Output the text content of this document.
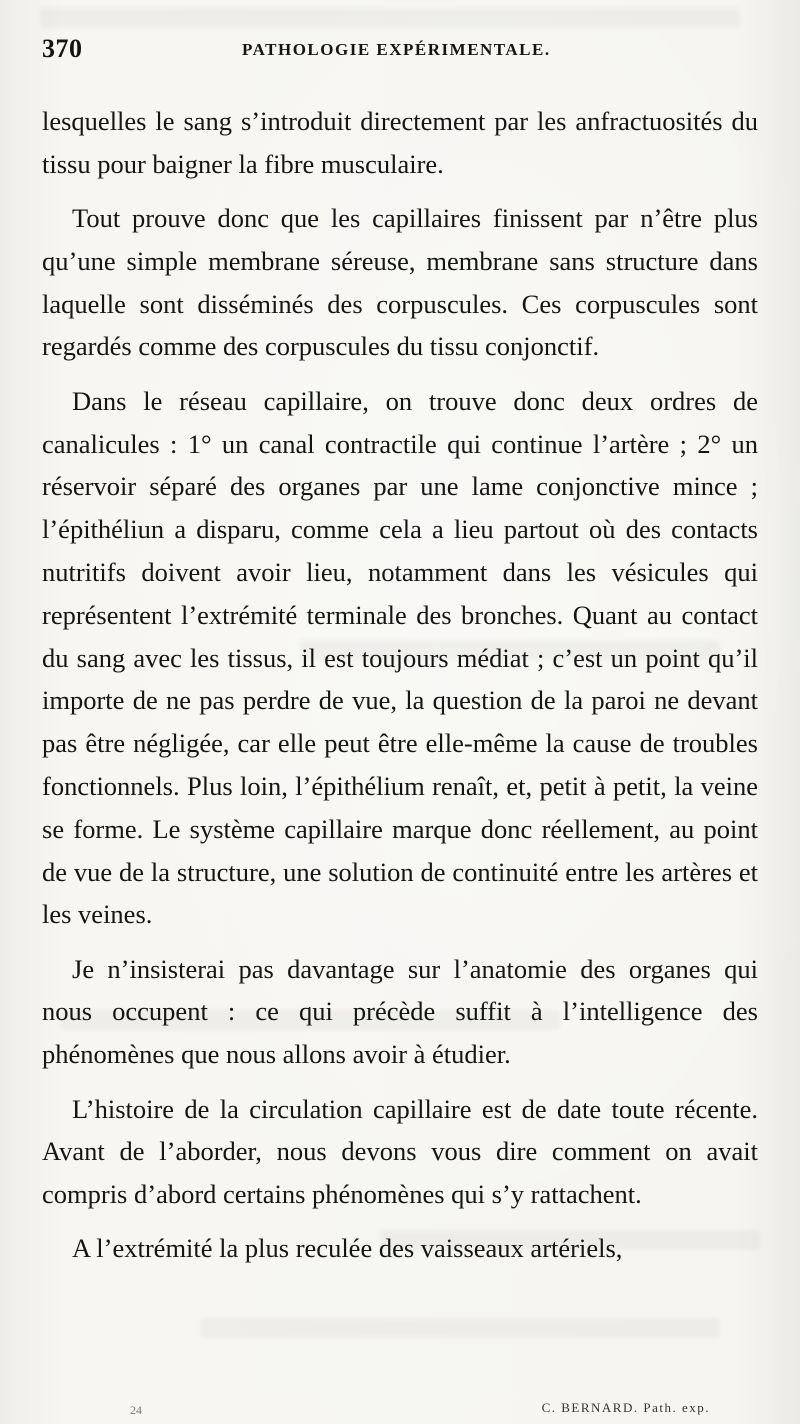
370	PATHOLOGIE EXPÉRIMENTALE.

lesquelles le sang s’introduit directement par les anfractuosités du tissu pour baigner la fibre musculaire.

Tout prouve donc que les capillaires finissent par n’être plus qu’une simple membrane séreuse, membrane sans structure dans laquelle sont disséminés des corpuscules. Ces corpuscules sont regardés comme des corpuscules du tissu conjonctif.

Dans le réseau capillaire, on trouve donc deux ordres de canalicules : 1° un canal contractile qui continue l’artère ; 2° un réservoir séparé des organes par une lame conjonctive mince ; l’épithéliun a disparu, comme cela a lieu partout où des contacts nutritifs doivent avoir lieu, notamment dans les vésicules qui représentent l’extrémité terminale des bronches. Quant au contact du sang avec les tissus, il est toujours médiat ; c’est un point qu’il importe de ne pas perdre de vue, la question de la paroi ne devant pas être négligée, car elle peut être elle-même la cause de troubles fonctionnels. Plus loin, l’épithélium renaît, et, petit à petit, la veine se forme. Le système capillaire marque donc réellement, au point de vue de la structure, une solution de continuité entre les artères et les veines.

Je n’insisterai pas davantage sur l’anatomie des organes qui nous occupent : ce qui précède suffit à l’intelligence des phénomènes que nous allons avoir à étudier.

L’histoire de la circulation capillaire est de date toute récente. Avant de l’aborder, nous devons vous dire comment on avait compris d’abord certains phénomènes qui s’y rattachent.

A l’extrémité la plus reculée des vaisseaux artériels,

24	C. BERNARD. Path. exp.
